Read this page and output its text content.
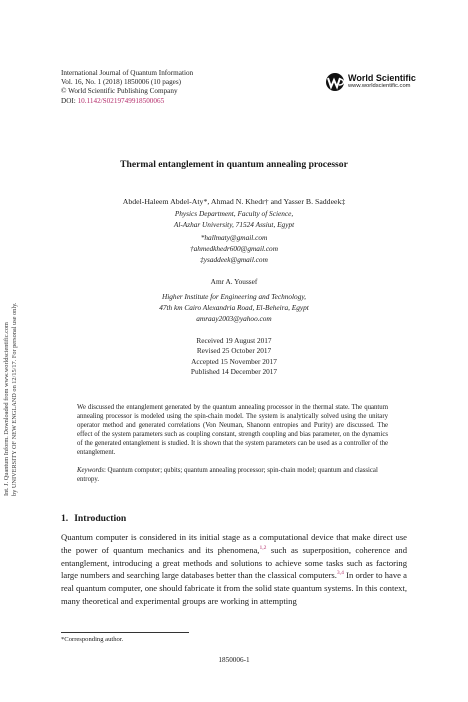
Int. J. Quantum Inform. Downloaded from www.worldscientific.com by UNIVERSITY OF NEW ENGLAND on 12/15/17. For personal use only.
International Journal of Quantum Information
Vol. 16, No. 1 (2018) 1850006 (10 pages)
© World Scientific Publishing Company
DOI: 10.1142/S0219749918500065
World Scientific
www.worldscientific.com
Thermal entanglement in quantum annealing processor
Abdel-Haleem Abdel-Aty*, Ahmad N. Khedr† and Yasser B. Saddeek‡
Physics Department, Faculty of Science,
Al-Azhar University, 71524 Assiut, Egypt
*hallmaty@gmail.com
†ahmedkhedr600@gmail.com
‡ysaddeek@gmail.com
Amr A. Youssef
Higher Institute for Engineering and Technology,
47th km Cairo Alexandria Road, El-Beheira, Egypt
amraay2003@yahoo.com
Received 19 August 2017
Revised 25 October 2017
Accepted 15 November 2017
Published 14 December 2017
We discussed the entanglement generated by the quantum annealing processor in the thermal state. The quantum annealing processor is modeled using the spin-chain model. The system is analytically solved using the unitary operator method and generated correlations (Von Neuman, Shanonn entropies and Purity) are discussed. The effect of the system parameters such as coupling constant, strength coupling and bias parameter, on the dynamics of the generated entanglement is studied. It is shown that the system parameters can be used as a controller of the entanglement.
Keywords: Quantum computer; qubits; quantum annealing processor; spin-chain model; quantum and classical entropy.
1. Introduction
Quantum computer is considered in its initial stage as a computational device that make direct use the power of quantum mechanics and its phenomena,$^{1,2}$ such as superposition, coherence and entanglement, introducing a great methods and solutions to achieve some tasks such as factoring large numbers and searching large databases better than the classical computers.$^{3,4}$ In order to have a real quantum computer, one should fabricate it from the solid state quantum systems. In this context, many theoretical and experimental groups are working in attempting
*Corresponding author.
1850006-1
